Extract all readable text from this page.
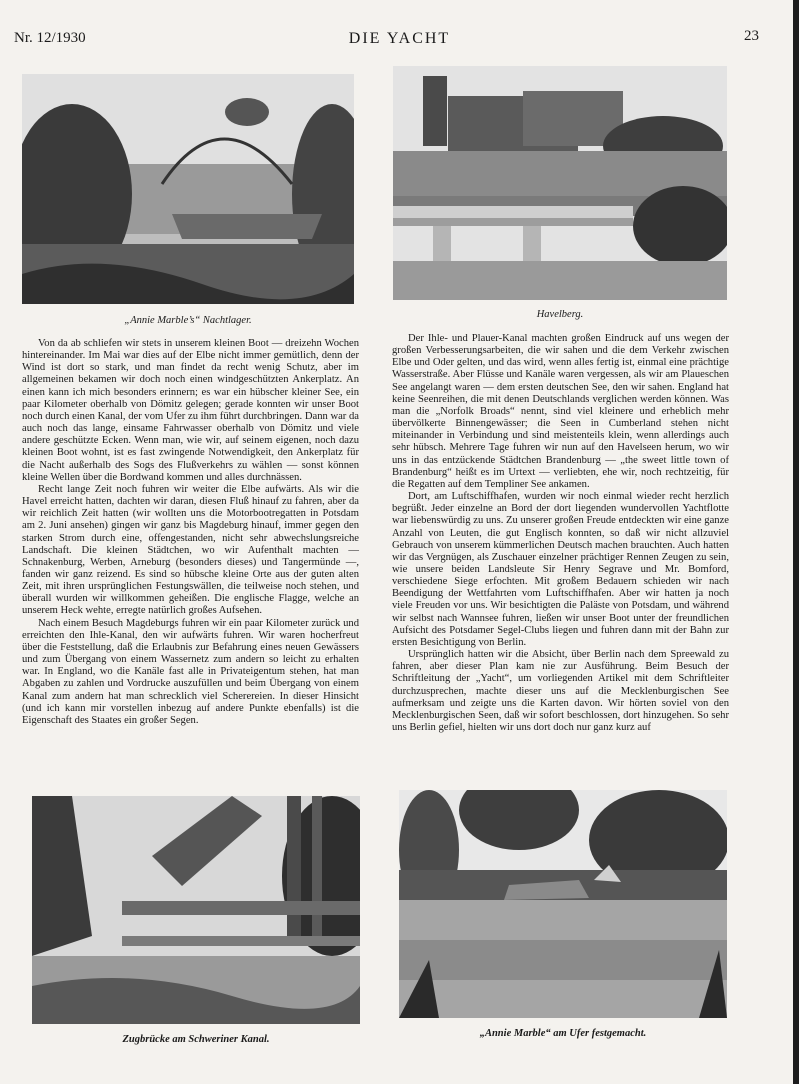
Nr. 12/1930	DIE YACHT	23
„Annie Marble’s“ Nachtlager.
Havelberg.

Von da ab schliefen wir stets in unserem kleinen Boot — dreizehn Wochen hintereinander. Im Mai war dies auf der Elbe nicht immer gemütlich, denn der Wind ist dort so stark, und man findet da recht wenig Schutz, aber im allgemeinen bekamen wir doch noch einen windgeschützten Ankerplatz. An einen kann ich mich besonders erinnern; es war ein hübscher kleiner See, ein paar Kilometer oberhalb von Dömitz gelegen; gerade konnten wir unser Boot noch durch einen Kanal, der vom Ufer zu ihm führt durchbringen. Dann war da auch noch das lange, einsame Fahrwasser oberhalb von Dömitz und viele andere geschützte Ecken. Wenn man, wie wir, auf seinem eigenen, noch dazu kleinen Boot wohnt, ist es fast zwingende Notwendigkeit, den Ankerplatz für die Nacht außerhalb des Sogs des Flußverkehrs zu wählen — sonst können kleine Wellen über die Bordwand kommen und alles durchnässen.

Recht lange Zeit noch fuhren wir weiter die Elbe aufwärts. Als wir die Havel erreicht hatten, dachten wir daran, diesen Fluß hinauf zu fahren, aber da wir reichlich Zeit hatten (wir wollten uns die Motorbootregatten in Potsdam am 2. Juni ansehen) gingen wir ganz bis Magdeburg hinauf, immer gegen den starken Strom durch eine, offengestanden, nicht sehr abwechslungsreiche Landschaft. Die kleinen Städtchen, wo wir Aufenthalt machten — Schnakenburg, Werben, Arneburg (besonders dieses) und Tangermünde —, fanden wir ganz reizend. Es sind so hübsche kleine Orte aus der guten alten Zeit, mit ihren ursprünglichen Festungswällen, die teilweise noch stehen, und überall wurden wir willkommen geheißen. Die englische Flagge, welche an unserem Heck wehte, erregte natürlich großes Aufsehen.

Nach einem Besuch Magdeburgs fuhren wir ein paar Kilometer zurück und erreichten den Ihle-Kanal, den wir aufwärts fuhren. Wir waren hocherfreut über die Feststellung, daß die Erlaubnis zur Befahrung eines neuen Gewässers und zum Übergang von einem Wassernetz zum andern so leicht zu erhalten war. In England, wo die Kanäle fast alle in Privateigentum stehen, hat man Abgaben zu zahlen und Vordrucke auszufüllen und beim Übergang von einem Kanal zum andern hat man schrecklich viel Scherereien. In dieser Hinsicht (und ich kann mir vorstellen inbezug auf andere Punkte ebenfalls) ist die Eigenschaft des Staates ein großer Segen.

Der Ihle- und Plauer-Kanal machten großen Eindruck auf uns wegen der großen Verbesserungsarbeiten, die wir sahen und die dem Verkehr zwischen Elbe und Oder gelten, und das wird, wenn alles fertig ist, einmal eine prächtige Wasserstraße. Aber Flüsse und Kanäle waren vergessen, als wir am Plaueschen See angelangt waren — dem ersten deutschen See, den wir sahen. England hat keine Seenreihen, die mit denen Deutschlands verglichen werden können. Was man die „Norfolk Broads“ nennt, sind viel kleinere und erheblich mehr übervölkerte Binnengewässer; die Seen in Cumberland stehen nicht miteinander in Verbindung und sind meistenteils klein, wenn allerdings auch sehr hübsch. Mehrere Tage fuhren wir nun auf den Havelseen herum, wo wir uns in das entzückende Städtchen Brandenburg — „the sweet little town of Brandenburg“ heißt es im Urtext — verliebten, ehe wir, noch rechtzeitig, für die Regatten auf dem Templiner See ankamen.

Dort, am Luftschiffhafen, wurden wir noch einmal wieder recht herzlich begrüßt. Jeder einzelne an Bord der dort liegenden wundervollen Yachtflotte war liebenswürdig zu uns. Zu unserer großen Freude entdeckten wir eine ganze Anzahl von Leuten, die gut Englisch konnten, so daß wir nicht allzuviel Gebrauch von unserem kümmerlichen Deutsch machen brauchten. Auch hatten wir das Vergnügen, als Zuschauer einzelner prächtiger Rennen Zeugen zu sein, wie unsere beiden Landsleute Sir Henry Segrave und Mr. Bomford, verschiedene Siege erfochten. Mit großem Bedauern schieden wir nach Beendigung der Wettfahrten vom Luftschiffhafen. Aber wir hatten ja noch viele Freuden vor uns. Wir besichtigten die Paläste von Potsdam, und während wir selbst nach Wannsee fuhren, ließen wir unser Boot unter der freundlichen Aufsicht des Potsdamer Segel-Clubs liegen und fuhren dann mit der Bahn zur ersten Besichtigung von Berlin.

Ursprünglich hatten wir die Absicht, über Berlin nach dem Spreewald zu fahren, aber dieser Plan kam nie zur Ausführung. Beim Besuch der Schriftleitung der „Yacht“, um vorliegenden Artikel mit dem Schriftleiter durchzusprechen, machte dieser uns auf die Mecklenburgischen See aufmerksam und zeigte uns die Karten davon. Wir hörten soviel von den Mecklenburgischen Seen, daß wir sofort beschlossen, dort hinzugehen. So sehr uns Berlin gefiel, hielten wir uns dort doch nur ganz kurz auf

Zugbrücke am Schweriner Kanal.
„Annie Marble“ am Ufer festgemacht.
